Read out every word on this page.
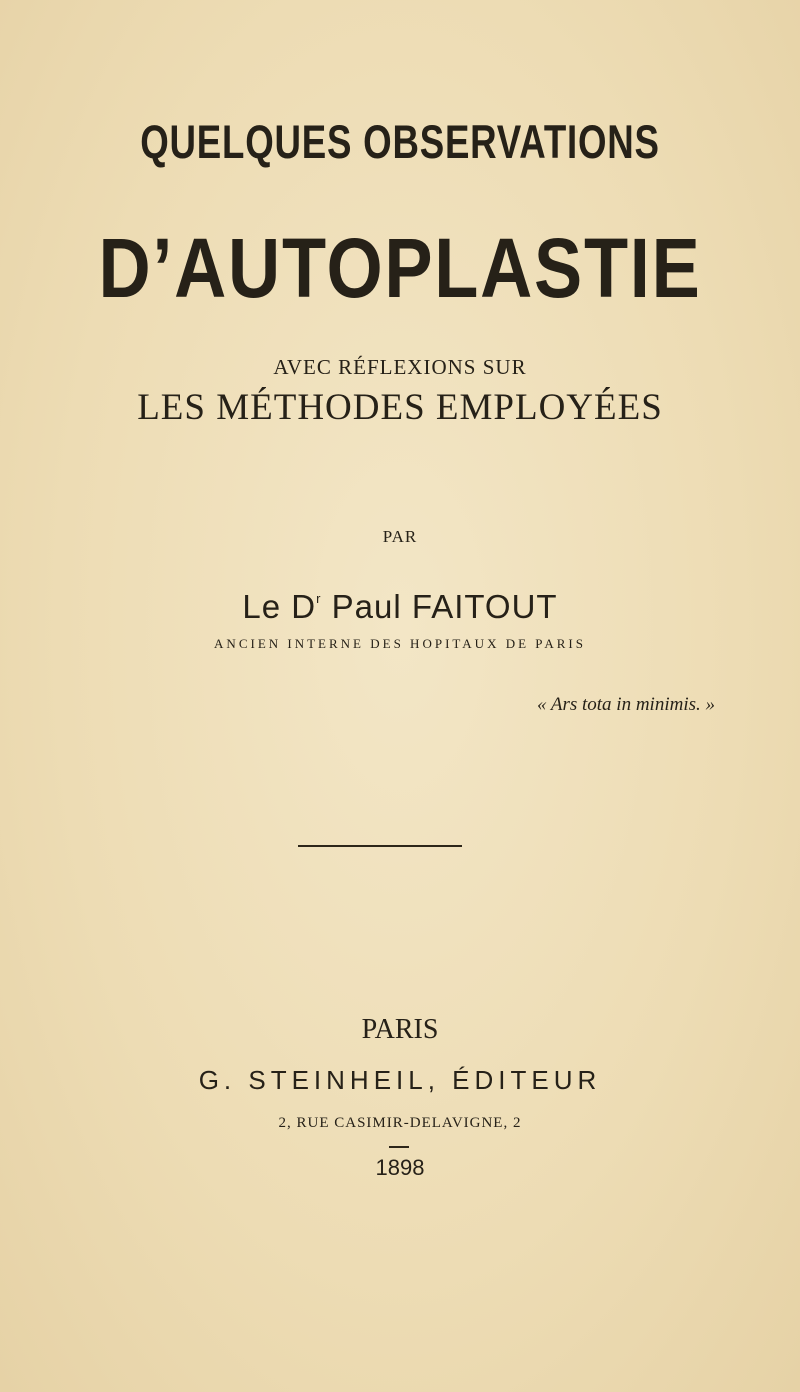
QUELQUES OBSERVATIONS
D’AUTOPLASTIE
AVEC RÉFLEXIONS SUR
LES MÉTHODES EMPLOYÉES
PAR
Le $D^r$ Paul FAITOUT
ANCIEN INTERNE DES HOPITAUX DE PARIS
« Ars tota in minimis. »
PARIS
G. STEINHEIL, ÉDITEUR
2, RUE CASIMIR-DELAVIGNE, 2
1898
